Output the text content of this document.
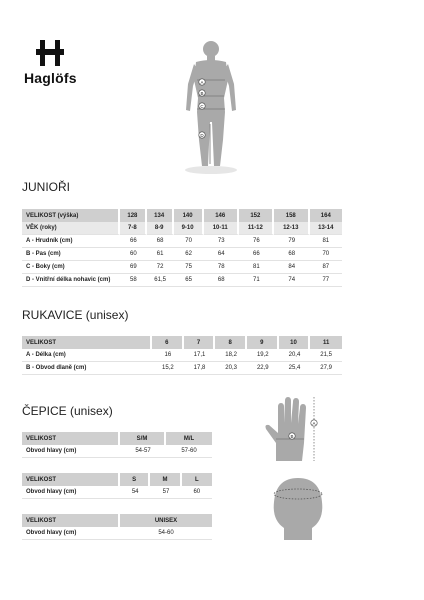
Haglöfs	A
B
C
D
JUNIOŘI
VELIKOST (výška)	128	134	140	146	152	158	164
VĚK (roky)	7-8	8-9	9-10	10-11	11-12	12-13	13-14
A - Hrudník (cm)	66	68	70	73	76	79	81
B - Pas (cm)	60	61	62	64	66	68	70
C - Boky (cm)	69	72	75	78	81	84	87
D - Vnitřní délka nohavic (cm)	58	61,5	65	68	71	74	77
RUKAVICE (unisex)
VELIKOST	6	7	8	9	10	11
A - Délka (cm)	16	17,1	18,2	19,2	20,4	21,5
B - Obvod dlaně (cm)	15,2	17,8	20,3	22,9	25,4	27,9
ČEPICE (unisex)
VELIKOST	S/M	M/L
Obvod hlavy (cm)	54-57	57-60
VELIKOST	S	M	L
Obvod hlavy (cm)	54	57	60
VELIKOST	UNISEX
Obvod hlavy (cm)	54-60
A
B
